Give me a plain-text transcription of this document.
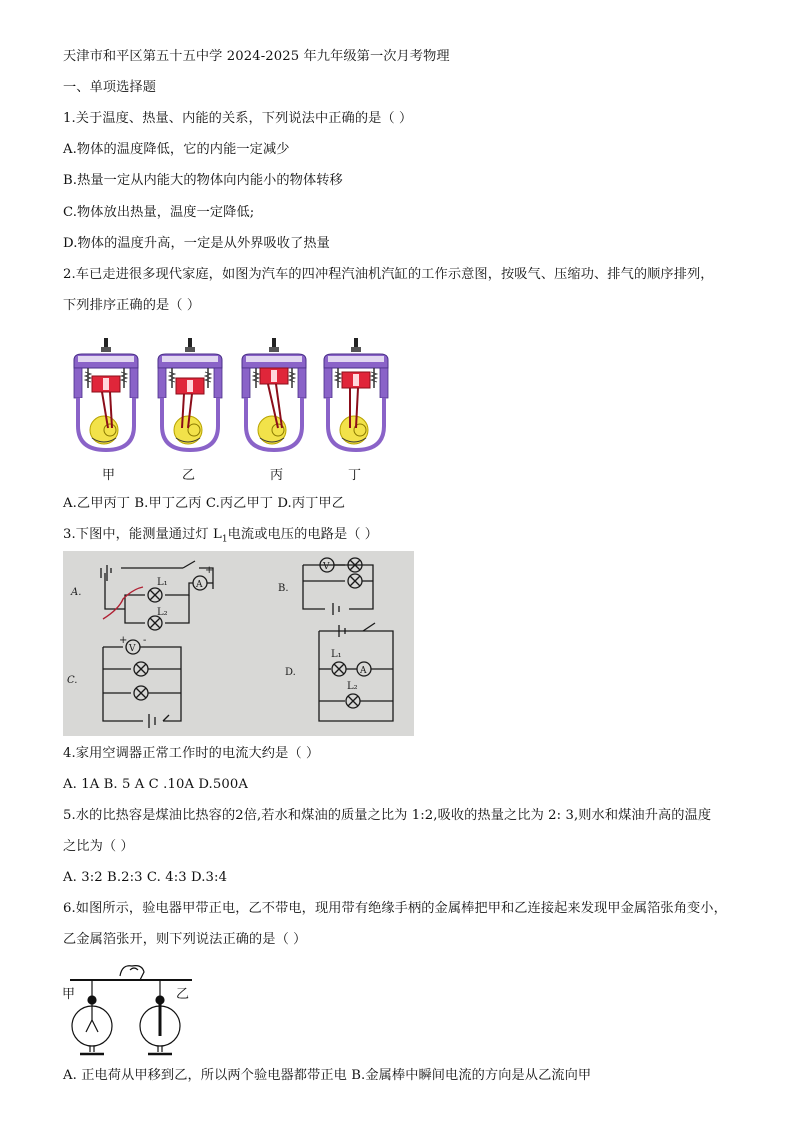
天津市和平区第五十五中学 2024-2025 年九年级第一次月考物理
一、单项选择题
1.关于温度、热量、内能的关系，下列说法中正确的是（ ）
A.物体的温度降低，它的内能一定减少
B.热量一定从内能大的物体向内能小的物体转移
C.物体放出热量，温度一定降低;
D.物体的温度升高，一定是从外界吸收了热量
2.车已走进很多现代家庭，如图为汽车的四冲程汽油机汽缸的工作示意图，按吸气、压缩功、排气的顺序排列，
下列排序正确的是（ ）
甲	乙	丙	丁
A.乙甲丙丁 B.甲丁乙丙 C.丙乙甲丁 D.丙丁甲乙
3.下图中，能测量通过灯 $L_1$电流或电压的电路是（ ）
A.	B.
C.
D.
L₁
L₂
A
V
V
A
L₁
L₂
+
+ -
4.家用空调器正常工作时的电流大约是（ ）
A. 1A B. 5 A C .10A D.500A
5.水的比热容是煤油比热容的2倍,若水和煤油的质量之比为 1:2,吸收的热量之比为 2: 3,则水和煤油升高的温度
之比为（ ）
A. 3:2 B.2:3 C. 4:3 D.3:4
6.如图所示，验电器甲带正电，乙不带电，现用带有绝缘手柄的金属棒把甲和乙连接起来发现甲金属箔张角变小，
乙金属箔张开，则下列说法正确的是（ ）
甲	乙
A. 正电荷从甲移到乙，所以两个验电器都带正电 B.金属棒中瞬间电流的方向是从乙流向甲
